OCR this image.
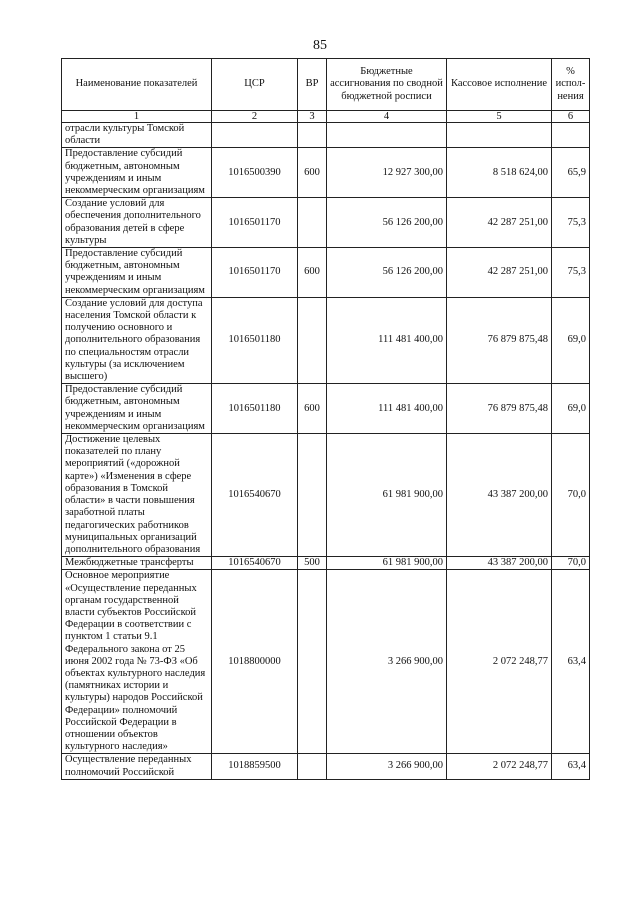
85
Наименование показателей	ЦСР	ВР	Бюджетные ассигнования по сводной бюджетной росписи	Кассовое исполнение	% испол-нения
1	2	3	4	5	6
отрасли культуры Томской области					
Предоставление субсидий бюджетным, автономным учреждениям и иным некоммерческим организациям	1016500390	600	12 927 300,00	8 518 624,00	65,9
Создание условий для обеспечения дополнительного образования детей в сфере культуры	1016501170		56 126 200,00	42 287 251,00	75,3
Предоставление субсидий бюджетным, автономным учреждениям и иным некоммерческим организациям	1016501170	600	56 126 200,00	42 287 251,00	75,3
Создание условий для доступа населения Томской области к получению основного и дополнительного образования по специальностям отрасли культуры (за исключением высшего)	1016501180		111 481 400,00	76 879 875,48	69,0
Предоставление субсидий бюджетным, автономным учреждениям и иным некоммерческим организациям	1016501180	600	111 481 400,00	76 879 875,48	69,0
Достижение целевых показателей по плану мероприятий («дорожной карте») «Изменения в сфере образования в Томской области» в части повышения заработной платы педагогических работников муниципальных организаций дополнительного образования	1016540670		61 981 900,00	43 387 200,00	70,0
Межбюджетные трансферты	1016540670	500	61 981 900,00	43 387 200,00	70,0
Основное мероприятие «Осуществление переданных органам государственной власти субъектов Российской Федерации в соответствии с пунктом 1 статьи 9.1 Федерального закона от 25 июня 2002 года № 73-ФЗ «Об объектах культурного наследия (памятниках истории и культуры) народов Российской Федерации» полномочий Российской Федерации в отношении объектов культурного наследия»	1018800000		3 266 900,00	2 072 248,77	63,4
Осуществление переданных полномочий Российской	1018859500		3 266 900,00	2 072 248,77	63,4
